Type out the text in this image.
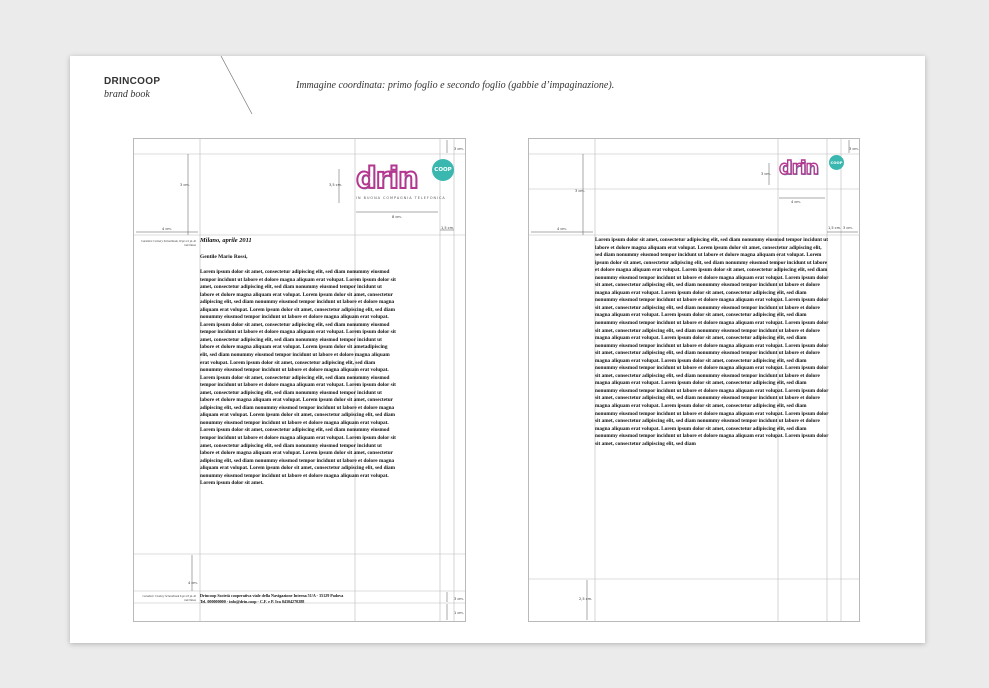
DRINCOOP
brand book
Immagine coordinata: primo foglio e secondo foglio (gabbie d’impaginazione).
3 cm.	3,5 cm.
8 cm.
4 cm.	1,5 cm.
3 cm.
4 cm.
3 cm.
1 cm.
drin	COOP
IN BUONA COMPAGNIA TELEFONICA
Carattere Century Schoolbook 10 pt./12 pt. di interlinea
Milano, aprile 2011
Gentile Mario Rossi,
Lorem ipsum dolor sit amet, consectetur adipiscing elit, sed diam nonummy eiusmod tempor incidunt ut labore et dolore magna aliquam erat volupat. Lorem ipsum dolor sit amet, consectetur adipiscing elit, sed diam nonummy eiusmod tempor incidunt ut labore et dolore magna aliquam erat volupat. Lorem ipsum dolor sit amet, consectetur adipiscing elit, sed diam nonummy eiusmod tempor incidunt ut labore et dolore magna aliquam erat volupat. Lorem ipsum dolor sit amet, consectetur adipiscing elit, sed diam nonummy eiusmod tempor incidunt ut labore et dolore magna aliquam erat volupat. Lorem ipsum dolor sit amet, consectetur adipiscing elit, sed diam nonummy eiusmod tempor incidunt ut labore et dolore magna aliquam erat volupat. Lorem ipsum dolor sit amet, consectetur adipiscing elit, sed diam nonummy eiusmod tempor incidunt ut labore et dolore magna aliquam erat volupat. Lorem ipsum dolor sit ametadipiscing elit, sed diam nonummy eiusmod tempor incidunt ut labore et dolore magna aliquam erat volupat. Lorem ipsum dolor sit amet, consectetur adipiscing elit, sed diam nonummy eiusmod tempor incidunt ut labore et dolore magna aliquam erat volupat. Lorem ipsum dolor sit amet, consectetur adipiscing elit, sed diam nonummy eiusmod tempor incidunt ut labore et dolore magna aliquam erat volupat. Lorem ipsum dolor sit amet, consectetur adipiscing elit, sed diam nonummy eiusmod tempor incidunt ut labore et dolore magna aliquam erat volupat. Lorem ipsum dolor sit amet, consectetur adipiscing elit, sed diam nonummy eiusmod tempor incidunt ut labore et dolore magna aliquam erat volupat. Lorem ipsum dolor sit amet, consectetur adipiscing elit, sed diam nonummy eiusmod tempor incidunt ut labore et dolore magna aliquam erat volupat. Lorem ipsum dolor sit amet, consectetur adipiscing elit, sed diam nonummy eiusmod tempor incidunt ut labore et dolore magna aliquam erat volupat. Lorem ipsum dolor sit amet, consectetur adipiscing elit, sed diam nonummy eiusmod tempor incidunt ut labore et dolore magna aliquam erat volupat. Lorem ipsum dolor sit amet, consectetur adipiscing elit, sed diam nonummy eiusmod tempor incidunt ut labore et dolore magna aliquam erat volupat. Lorem ipsum dolor sit amet, consectetur adipiscing elit, sed diam nonummy eiusmod tempor incidunt ut labore et dolore magna aliquam erat volupat. Lorem ipsum dolor sit amet.
Carattere Century Schoolbook 6 pt./10 pt. di interlinea
Drincoop Società cooperativa viale della Navigazione Interna 51/A - 35129 Padova
Tel. 000000000 - info@drin.coop - C.F. e P. Iva 04304270288
3 cm.
3 cm.
4 cm.
4 cm.	1,5 cm. 3 cm.
3 cm.
2,5 cm.
drin	COOP
Lorem ipsum dolor sit amet, consectetur adipiscing elit, sed diam nonummy eiusmod tempor incidunt ut labore et dolore magna aliquam erat volupat. Lorem ipsum dolor sit amet, consectetur adipiscing elit, sed diam nonummy eiusmod tempor incidunt ut labore et dolore magna aliquam erat volupat. Lorem ipsum dolor sit amet, consectetur adipiscing elit, sed diam nonummy eiusmod tempor incidunt ut labore et dolore magna aliquam erat volupat. Lorem ipsum dolor sit amet, consectetur adipiscing elit, sed diam nonummy eiusmod tempor incidunt ut labore et dolore magna aliquam erat volupat. Lorem ipsum dolor sit amet, consectetur adipiscing elit, sed diam nonummy eiusmod tempor incidunt ut labore et dolore magna aliquam erat volupat. Lorem ipsum dolor sit amet, consectetur adipiscing elit, sed diam nonummy eiusmod tempor incidunt ut labore et dolore magna aliquam erat volupat. Lorem ipsum dolor sit amet, consectetur adipiscing elit, sed diam nonummy eiusmod tempor incidunt ut labore et dolore magna aliquam erat volupat. Lorem ipsum dolor sit amet, consectetur adipiscing elit, sed diam nonummy eiusmod tempor incidunt ut labore et dolore magna aliquam erat volupat. Lorem ipsum dolor sit amet, consectetur adipiscing elit, sed diam nonummy eiusmod tempor incidunt ut labore et dolore magna aliquam erat volupat. Lorem ipsum dolor sit amet, consectetur adipiscing elit, sed diam nonummy eiusmod tempor incidunt ut labore et dolore magna aliquam erat volupat. Lorem ipsum dolor sit amet, consectetur adipiscing elit, sed diam nonummy eiusmod tempor incidunt ut labore et dolore magna aliquam erat volupat. Lorem ipsum dolor sit amet, consectetur adipiscing elit, sed diam nonummy eiusmod tempor incidunt ut labore et dolore magna aliquam erat volupat. Lorem ipsum dolor sit amet, consectetur adipiscing elit, sed diam nonummy eiusmod tempor incidunt ut labore et dolore magna aliquam erat volupat. Lorem ipsum dolor sit amet, consectetur adipiscing elit, sed diam nonummy eiusmod tempor incidunt ut labore et dolore magna aliquam erat volupat. Lorem ipsum dolor sit amet, consectetur adipiscing elit, sed diam nonummy eiusmod tempor incidunt ut labore et dolore magna aliquam erat volupat. Lorem ipsum dolor sit amet, consectetur adipiscing elit, sed diam nonummy eiusmod tempor incidunt ut labore et dolore magna aliquam erat volupat. Lorem ipsum dolor sit amet, consectetur adipiscing elit, sed diam nonummy eiusmod tempor incidunt ut labore et dolore magna aliquam erat volupat. Lorem ipsum dolor sit amet, consectetur adipiscing elit, sed diam nonummy eiusmod tempor incidunt ut labore et dolore magna aliquam erat volupat. Lorem ipsum dolor sit amet, consectetur adipiscing elit, sed diam
